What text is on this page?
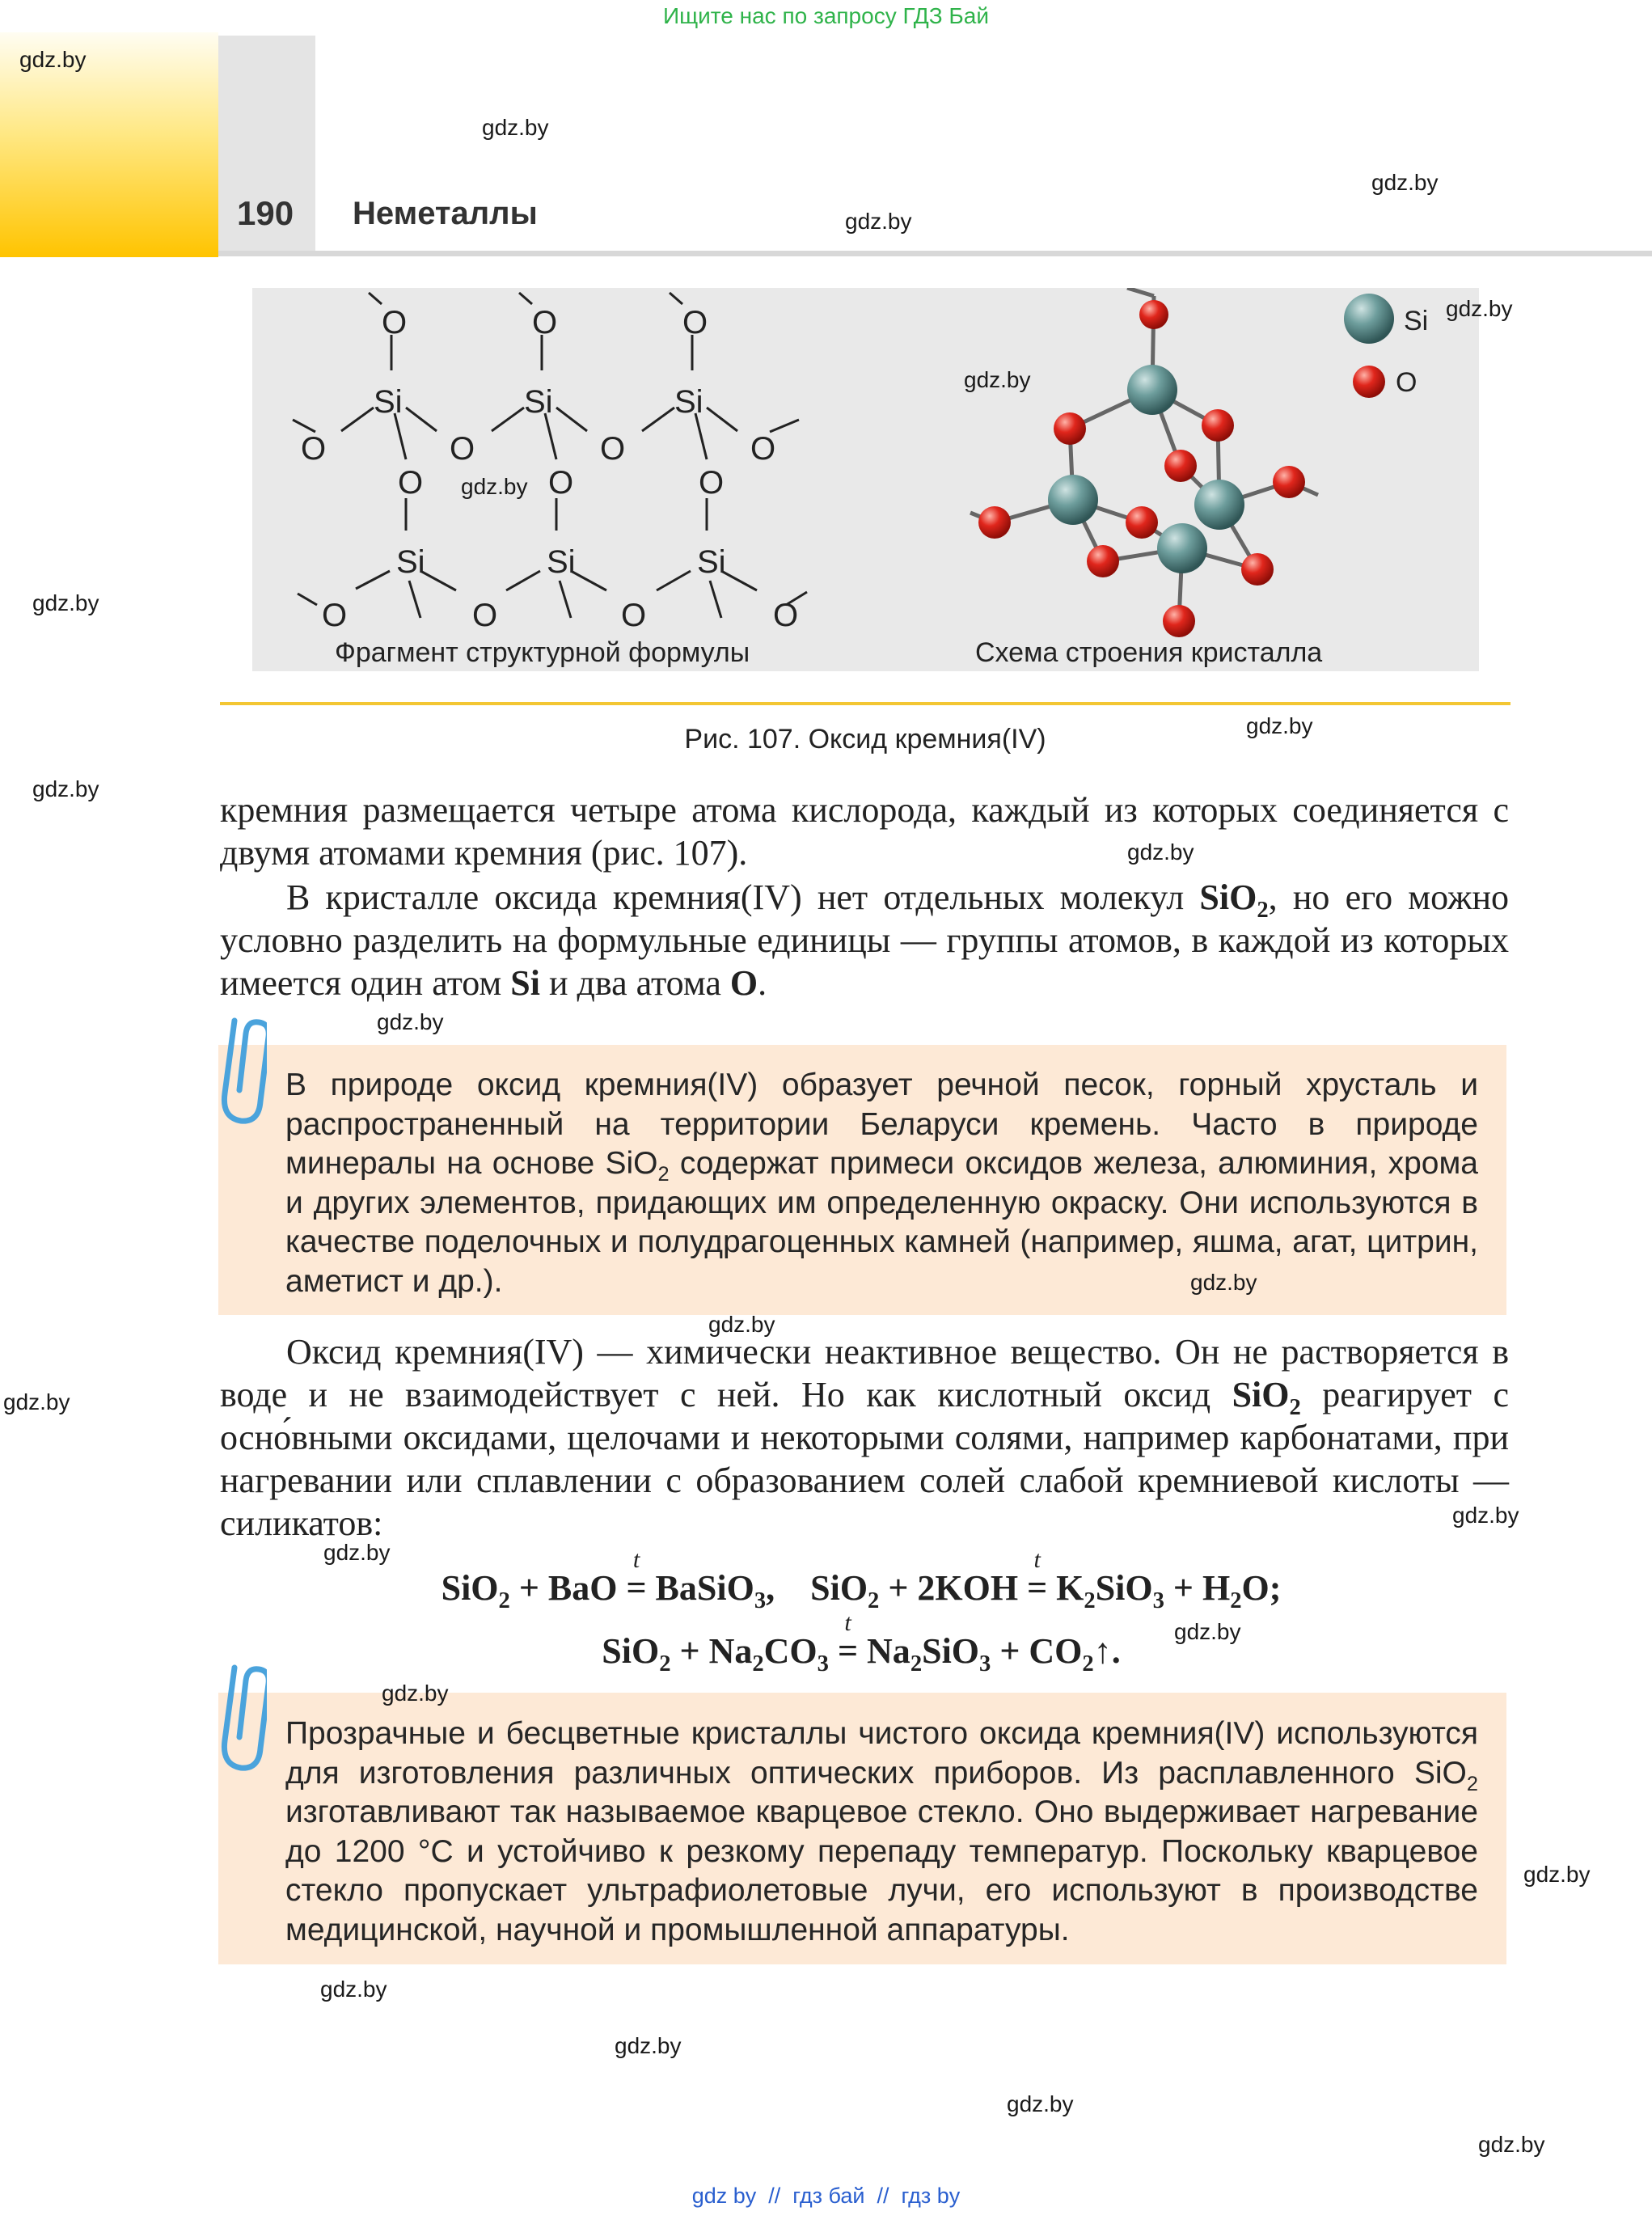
Ищите нас по запросу ГДЗ Бай
190 Неметаллы
O	O	O
Si	Si	Si
O	O	O	O
O	O	O
Si	Si	Si
O	O	O	O
Фрагмент структурной формулы
Si
O
Схема строения кристалла
Рис. 107. Оксид кремния(IV)
кремния размещается четыре атома кислорода, каждый из которых соединяется с двумя атомами кремния (рис. 107).
В кристалле оксида кремния(IV) нет отдельных молекул SiO$_2$, но его можно условно разделить на формульные единицы — группы атомов, в каждой из которых имеется один атом Si и два атома O.
В природе оксид кремния(IV) образует речной песок, горный хрусталь и распространенный на территории Беларуси кремень. Часто в природе минералы на основе SiO$_2$ содержат примеси оксидов железа, алюминия, хрома и других элементов, придающих им определенную окраску. Они используются в качестве поделочных и полудрагоценных камней (например, яшма, агат, цитрин, аметист и др.).
Оксид кремния(IV) — химически неактивное вещество. Он не растворяется в воде и не взаимодействует с ней. Но как кислотный оксид SiO$_2$ реагирует с осно́вными оксидами, щелочами и некоторыми солями, например карбонатами, при нагревании или сплавлении с образованием солей слабой кремниевой кислоты — силикатов:
SiO$_2$ + BaO
t
= BaSiO$_3$,    SiO$_2$ + 2KOH
t
= $K_2SiO_3 + H_2O$;
$SiO_2 + Na_2CO_3$
t
= $Na_2SiO_3$ + $CO_2↑$.
Прозрачные и бесцветные кристаллы чистого оксида кремния(IV) используются для изготовления различных оптических приборов. Из расплавленного SiO$_2$ изготавливают так называемое кварцевое стекло. Оно выдерживает нагревание до 1200 °C и устойчиво к резкому перепаду температур. Поскольку кварцевое стекло пропускает ультрафиолетовые лучи, его используют в производстве медицинской, научной и промышленной аппаратуры.
gdz.by
gdz.by
gdz.by
gdz.by
gdz.by
gdz.by
gdz.by
gdz.by
gdz.by
gdz.by
gdz.by
gdz.by
gdz.by
gdz.by
gdz.by
gdz.by
gdz.by
gdz.by
gdz.by
gdz.by
gdz.by
gdz.by
gdz.by
gdz.by
gdz by  //  гдз бай  //  гдз by
